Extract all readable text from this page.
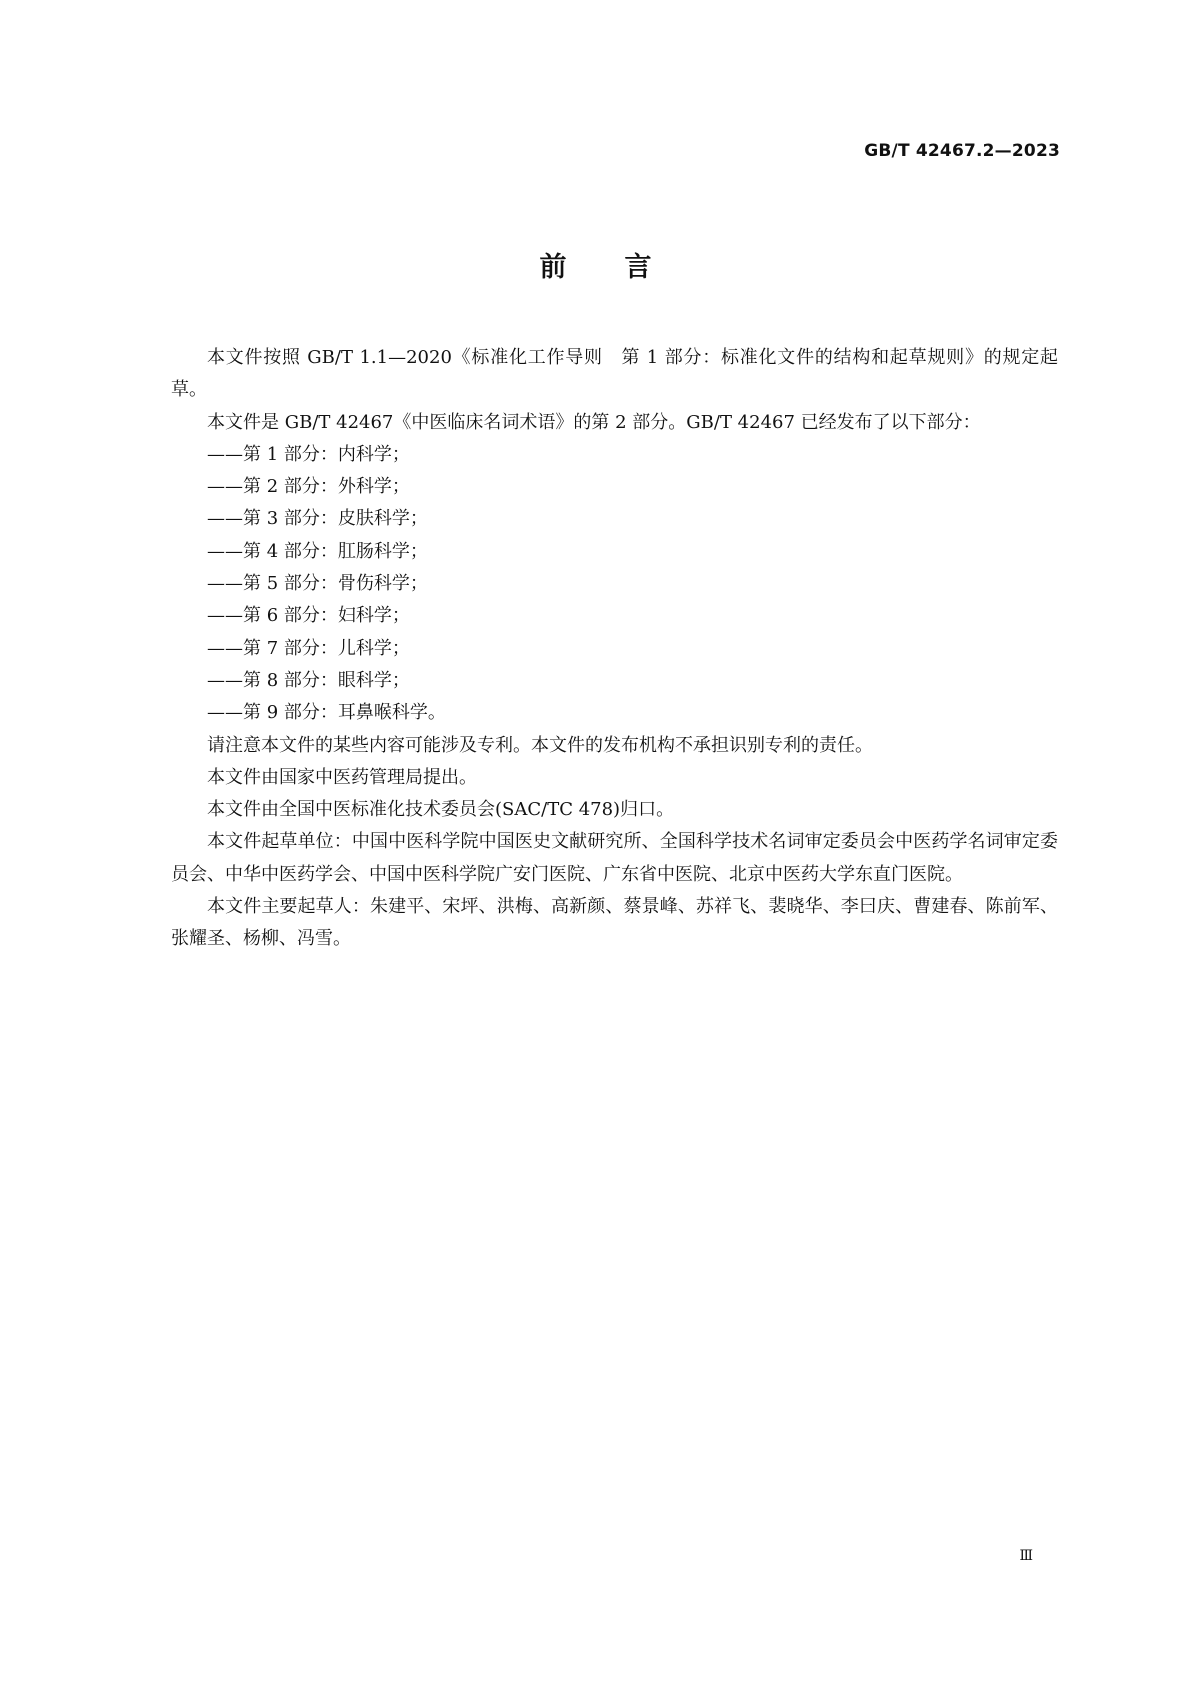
GB/T 42467.2—2023
前言

本文件按照 GB/T 1.1—2020《标准化工作导则　第 1 部分：标准化文件的结构和起草规则》的规定起草。

本文件是 GB/T 42467《中医临床名词术语》的第 2 部分。GB/T 42467 已经发布了以下部分：

——第 1 部分：内科学；

——第 2 部分：外科学；

——第 3 部分：皮肤科学；

——第 4 部分：肛肠科学；

——第 5 部分：骨伤科学；

——第 6 部分：妇科学；

——第 7 部分：儿科学；

——第 8 部分：眼科学；

——第 9 部分：耳鼻喉科学。

请注意本文件的某些内容可能涉及专利。本文件的发布机构不承担识别专利的责任。

本文件由国家中医药管理局提出。

本文件由全国中医标准化技术委员会(SAC/TC 478)归口。

本文件起草单位：中国中医科学院中国医史文献研究所、全国科学技术名词审定委员会中医药学名词审定委员会、中华中医药学会、中国中医科学院广安门医院、广东省中医院、北京中医药大学东直门医院。

本文件主要起草人：朱建平、宋坪、洪梅、高新颜、蔡景峰、苏祥飞、裴晓华、李曰庆、曹建春、陈前军、张耀圣、杨柳、冯雪。

Ⅲ
